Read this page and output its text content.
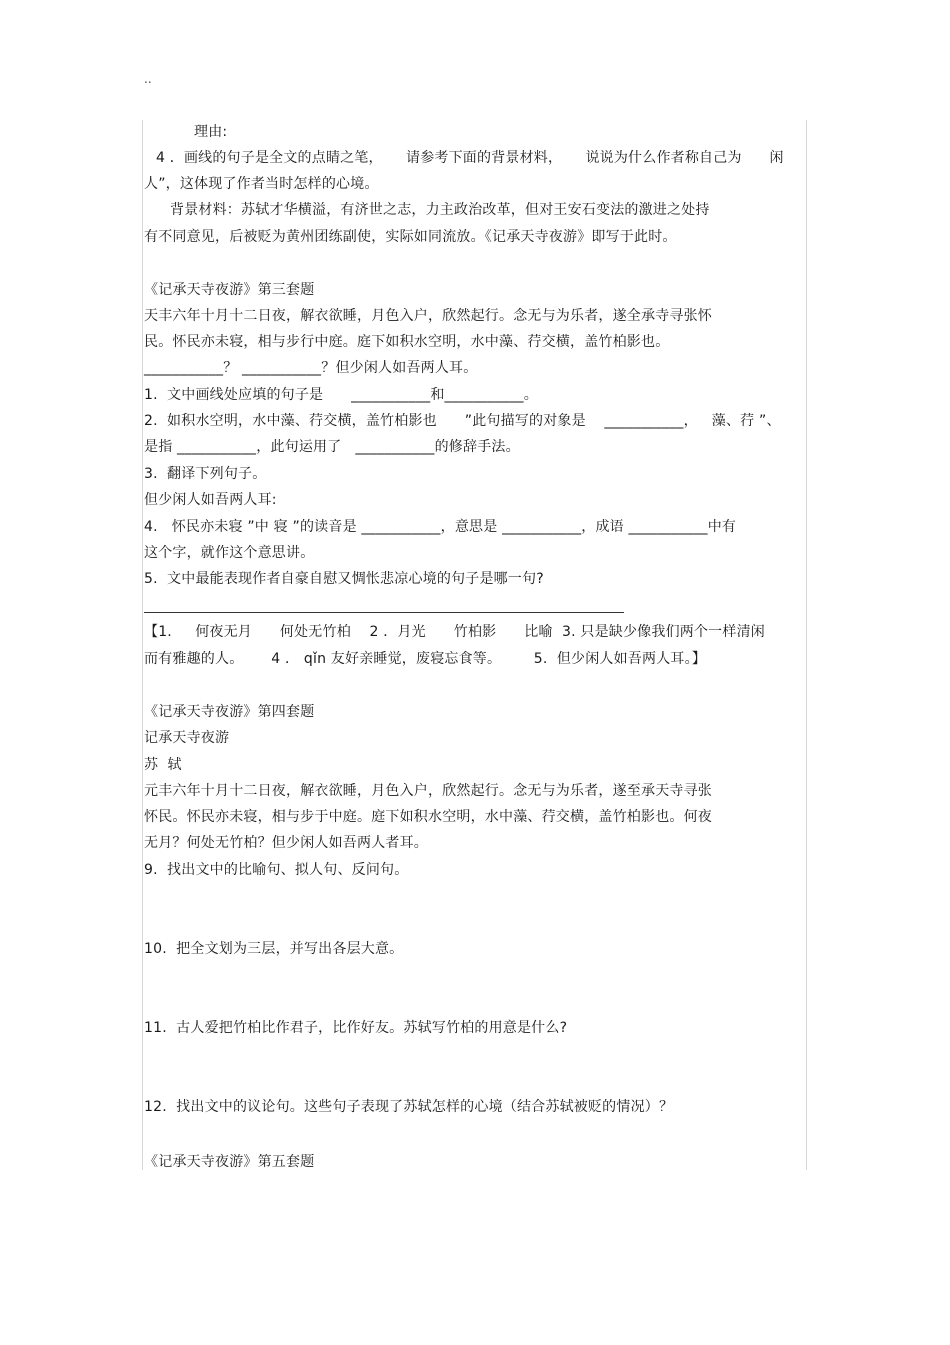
..
理由:
4 ．画线的句子是全文的点睛之笔，     请参考下面的背景材料，     说说为什么作者称自己为      闲
人”，这体现了作者当时怎样的心境。
背景材料：苏轼才华横溢，有济世之志，力主政治改革，但对王安石变法的激进之处持
有不同意见，后被贬为黄州团练副使，实际如同流放。《记承天寺夜游》即写于此时。
《记承天寺夜游》第三套题
天丰六年十月十二日夜，解衣欲睡，月色入户，欣然起行。念无与为乐者，遂全承寺寻张怀
民。怀民亦未寝，相与步行中庭。庭下如积水空明，水中藻、荇交横，盖竹柏影也。
___________？ ___________？但少闲人如吾两人耳。
1.  文中画线处应填的句子是      ___________和___________。
2.  如积水空明，水中藻、荇交横，盖竹柏影也      ”此句描写的对象是    ___________，   藻、荇 ”、
是指 ___________，此句运用了   ___________的修辞手法。
3.  翻译下列句子。
但少闲人如吾两人耳:
4.   怀民亦未寝 ”中 寝 ”的读音是 ___________，意思是 ___________，成语 ___________中有
这个字，就作这个意思讲。
5.  文中最能表现作者自豪自慰又惆怅悲凉心境的句子是哪一句?
【1.     何夜无月      何处无竹柏    2 ．月光      竹柏影      比喻  3. 只是缺少像我们两个一样清闲
而有雅趣的人。      4 ． qǐn 友好亲睡觉，废寝忘食等。       5.  但少闲人如吾两人耳。】
《记承天寺夜游》第四套题
记承天寺夜游
苏  轼
元丰六年十月十二日夜，解衣欲睡，月色入户，欣然起行。念无与为乐者，遂至承天寺寻张
怀民。怀民亦未寝，相与步于中庭。庭下如积水空明，水中藻、荇交横，盖竹柏影也。何夜
无月？何处无竹柏？但少闲人如吾两人者耳。
9.  找出文中的比喻句、拟人句、反问句。
10.  把全文划为三层，并写出各层大意。
11.  古人爱把竹柏比作君子，比作好友。苏轼写竹柏的用意是什么?
12.  找出文中的议论句。这些句子表现了苏轼怎样的心境（结合苏轼被贬的情况）？
《记承天寺夜游》第五套题
